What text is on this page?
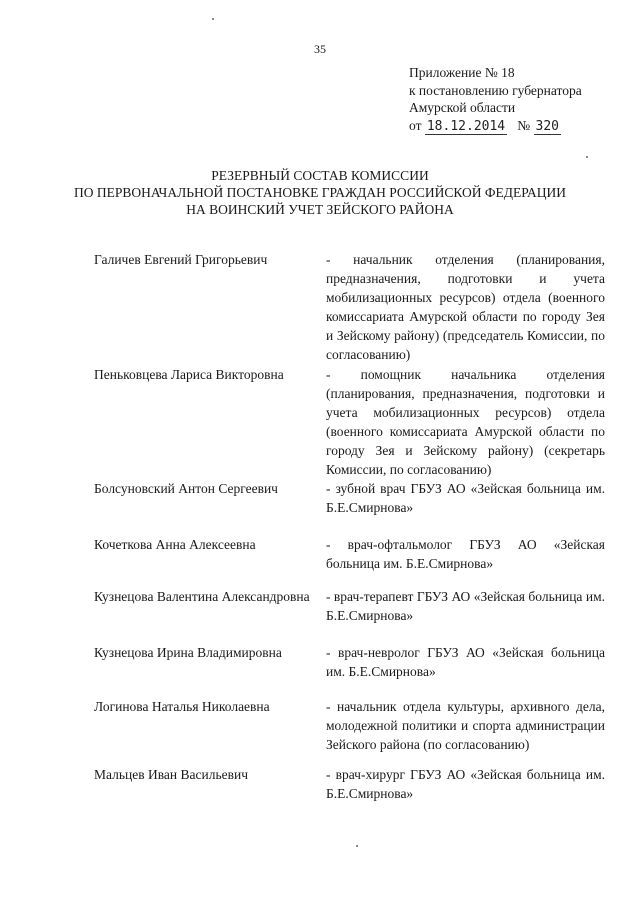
35
Приложение № 18
к постановлению губернатора
Амурской области
от 18.12.2014 № 320
РЕЗЕРВНЫЙ СОСТАВ КОМИССИИ
ПО ПЕРВОНАЧАЛЬНОЙ ПОСТАНОВКЕ ГРАЖДАН РОССИЙСКОЙ ФЕДЕРАЦИИ
НА ВОИНСКИЙ УЧЕТ ЗЕЙСКОГО РАЙОНА
Галичев Евгений Григорьевич	- начальник отделения (планирования, предназначения, подготовки и учета мобилизационных ресурсов) отдела (военного комиссариата Амурской области по городу Зея и Зейскому району) (председатель Комиссии, по согласованию)
Пеньковцева Лариса Викторовна	- помощник начальника отделения (планирования, предназначения, подготовки и учета мобилизационных ресурсов) отдела (военного комиссариата Амурской области по городу Зея и Зейскому району) (секретарь Комиссии, по согласованию)
Болсуновский Антон Сергеевич	- зубной врач ГБУЗ АО «Зейская больница им. Б.Е.Смирнова»
Кочеткова Анна Алексеевна	- врач-офтальмолог ГБУЗ АО «Зейская больница им. Б.Е.Смирнова»
Кузнецова Валентина Александровна - врач-терапевт ГБУЗ АО «Зейская больница им. Б.Е.Смирнова»
Кузнецова Ирина Владимировна	- врач-невролог ГБУЗ АО «Зейская больница им. Б.Е.Смирнова»
Логинова Наталья Николаевна	- начальник отдела культуры, архивного дела, молодежной политики и спорта администрации Зейского района (по согласованию)
Мальцев Иван Васильевич	- врач-хирург ГБУЗ АО «Зейская больница им. Б.Е.Смирнова»
